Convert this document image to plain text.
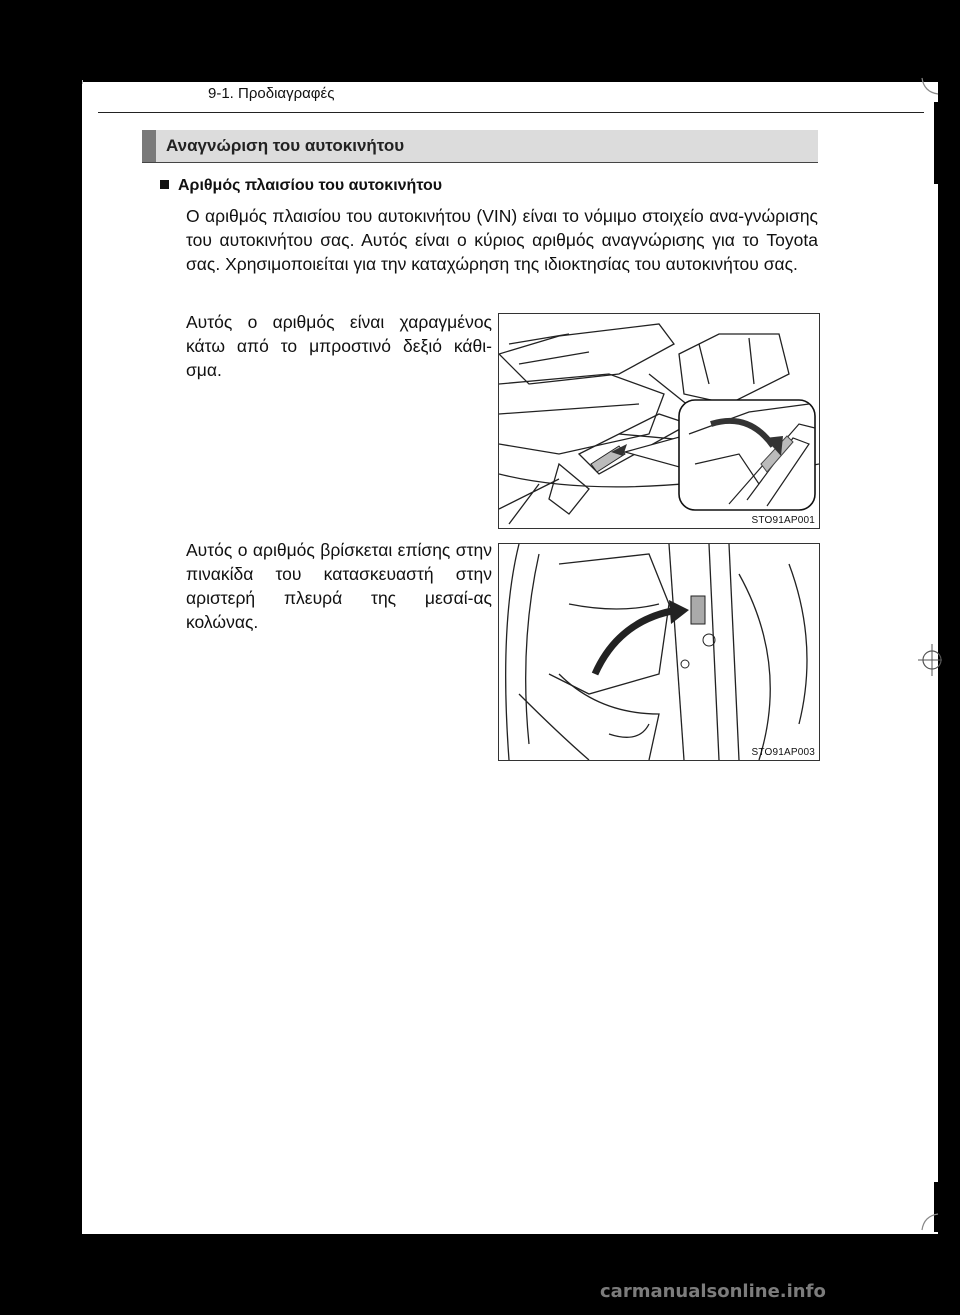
9-1. Προδιαγραφές
Αναγνώριση του αυτοκινήτου
Αριθμός πλαισίου του αυτοκινήτου
Ο αριθμός πλαισίου του αυτοκινήτου (VIN) είναι το νόμιμο στοιχείο ανα-γνώρισης του αυτοκινήτου σας. Αυτός είναι ο κύριος αριθμός αναγνώρισης για το Toyota σας. Χρησιμοποιείται για την καταχώρηση της ιδιοκτησίας του αυτοκινήτου σας.
Αυτός ο αριθμός είναι χαραγμένος κάτω από το μπροστινό δεξιό κάθι-σμα.
Αυτός ο αριθμός βρίσκεται επίσης στην πινακίδα του κατασκευαστή στην αριστερή πλευρά της μεσαί-ας κολώνας.
STO91AP001
STO91AP003
carmanualsonline.info
